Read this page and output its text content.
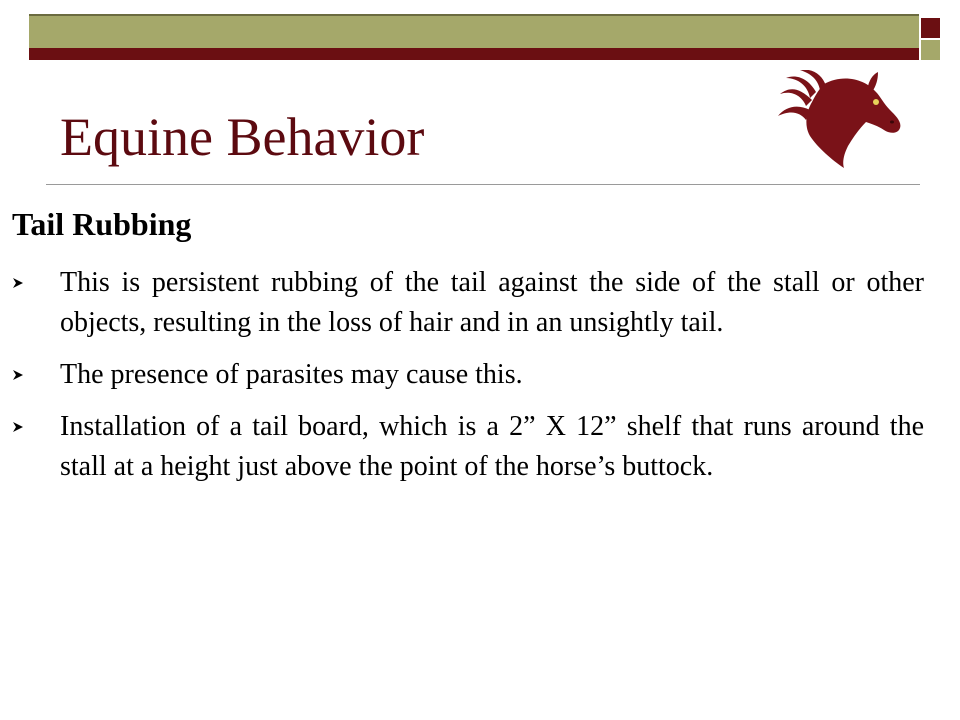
Equine Behavior
Tail Rubbing
This is persistent rubbing of the tail against the side of the stall or other objects, resulting in the loss of hair and in an unsightly tail.
The presence of parasites may cause this.
Installation of a tail board, which is a 2” X 12” shelf that runs around the stall at a height just above the point of the horse’s buttock.
